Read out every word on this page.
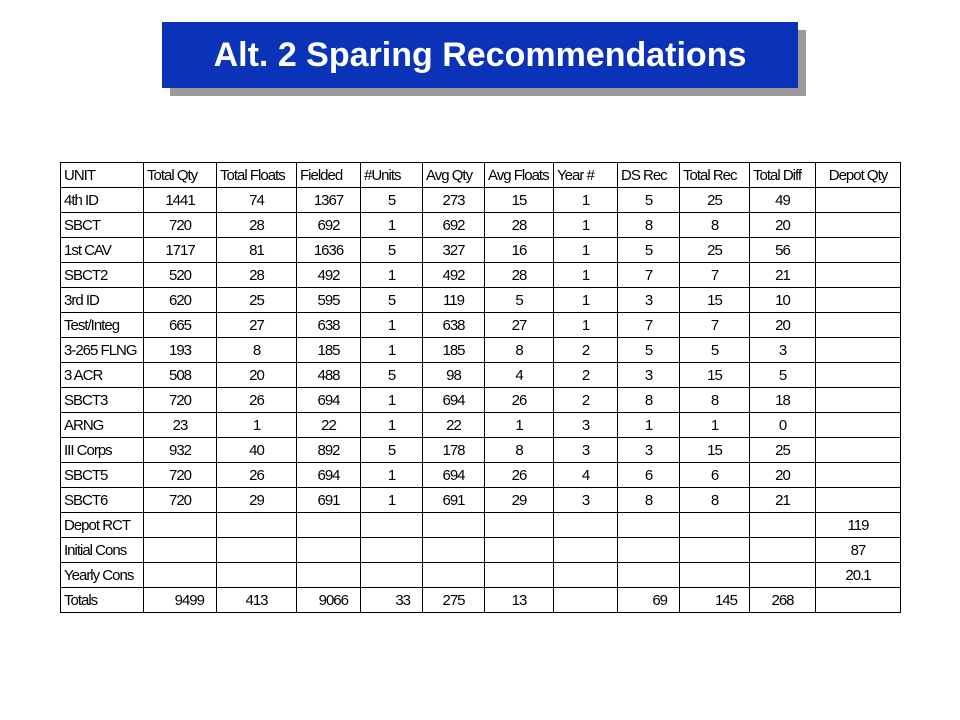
Alt. 2 Sparing Recommendations
UNIT	Total Qty	Total Floats	Fielded	#Units	Avg Qty	Avg Floats	Year #	DS Rec	Total Rec	Total Diff	Depot Qty
4th ID	1441	74	1367	5	273	15	1	5	25	49	
SBCT	720	28	692	1	692	28	1	8	8	20	
1st CAV	1717	81	1636	5	327	16	1	5	25	56	
SBCT2	520	28	492	1	492	28	1	7	7	21	
3rd ID	620	25	595	5	119	5	1	3	15	10	
Test/Integ	665	27	638	1	638	27	1	7	7	20	
3-265 FLNG	193	8	185	1	185	8	2	5	5	3	
3 ACR	508	20	488	5	98	4	2	3	15	5	
SBCT3	720	26	694	1	694	26	2	8	8	18	
ARNG	23	1	22	1	22	1	3	1	1	0	
III Corps	932	40	892	5	178	8	3	3	15	25	
SBCT5	720	26	694	1	694	26	4	6	6	20	
SBCT6	720	29	691	1	691	29	3	8	8	21	
Depot RCT											119
Initial Cons											87
Yearly Cons											20.1
Totals	9499	413	9066	33	275	13		69	145	268	
